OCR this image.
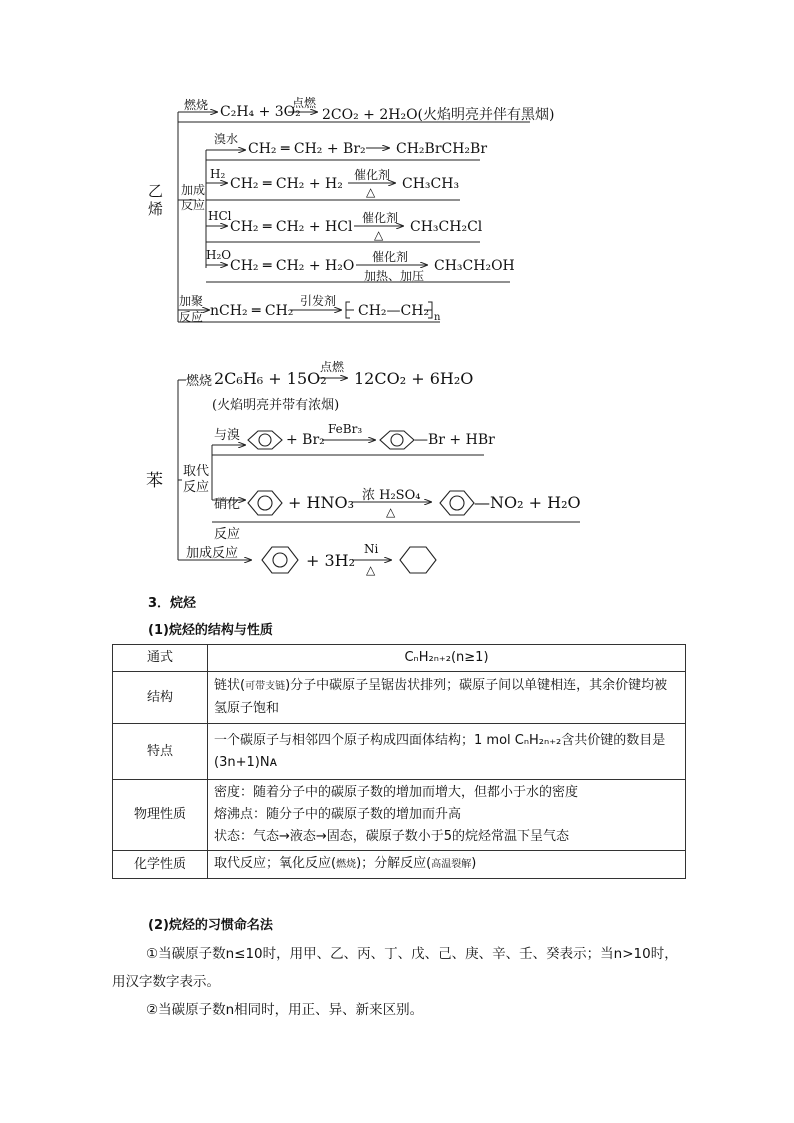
乙烯
燃烧 C₂H₄ + 3O₂
点燃
2CO₂ + 2H₂O(火焰明亮并伴有黑烟)
加成反应
溴水
CH₂ ═ CH₂ + Br₂ CH₂BrCH₂Br
H₂
CH₂ ═ CH₂ + H₂
催化剂
△ CH₃CH₃
HCl
CH₂ ═ CH₂ + HCl
催化剂
△ CH₃CH₂Cl
H₂O
CH₂ ═ CH₂ + H₂O
催化剂
加热、加压
CH₃CH₂OH
加聚反应 nCH₂ ═ CH₂
引发剂
CH₂—CH₂ n
苯
燃烧 2C₆H₆ + 15O₂
点燃
12CO₂ + 6H₂O
(火焰明亮并带有浓烟)
取代反应
与溴	+ Br₂
FeBr₃
—Br + HBr
硝化反应
+ HNO₃ 浓 H₂SO₄
△	—NO₂ + H₂O
加成反应	+ 3H₂
Ni
△
3．烷烃
(1)烷烃的结构与性质
通式	CₙH₂ₙ₊₂(n≥1)
结构	链状(可带支链)分子中碳原子呈锯齿状排列；碳原子间以单键相连，其余价键均被氢原子饱和
特点	一个碳原子与相邻四个原子构成四面体结构；1 mol CₙH₂ₙ₊₂含共价键的数目是(3n+1)Nᴀ
物理性质	密度：随着分子中的碳原子数的增加而增大，但都小于水的密度
熔沸点：随分子中的碳原子数的增加而升高
状态：气态→液态→固态，碳原子数小于5的烷烃常温下呈气态

化学性质	取代反应；氧化反应(燃烧)；分解反应(高温裂解)
(2)烷烃的习惯命名法
①当碳原子数n≤10时，用甲、乙、丙、丁、戊、己、庚、辛、壬、癸表示；当n>10时，用汉字数字表示。
②当碳原子数n相同时，用正、异、新来区别。
